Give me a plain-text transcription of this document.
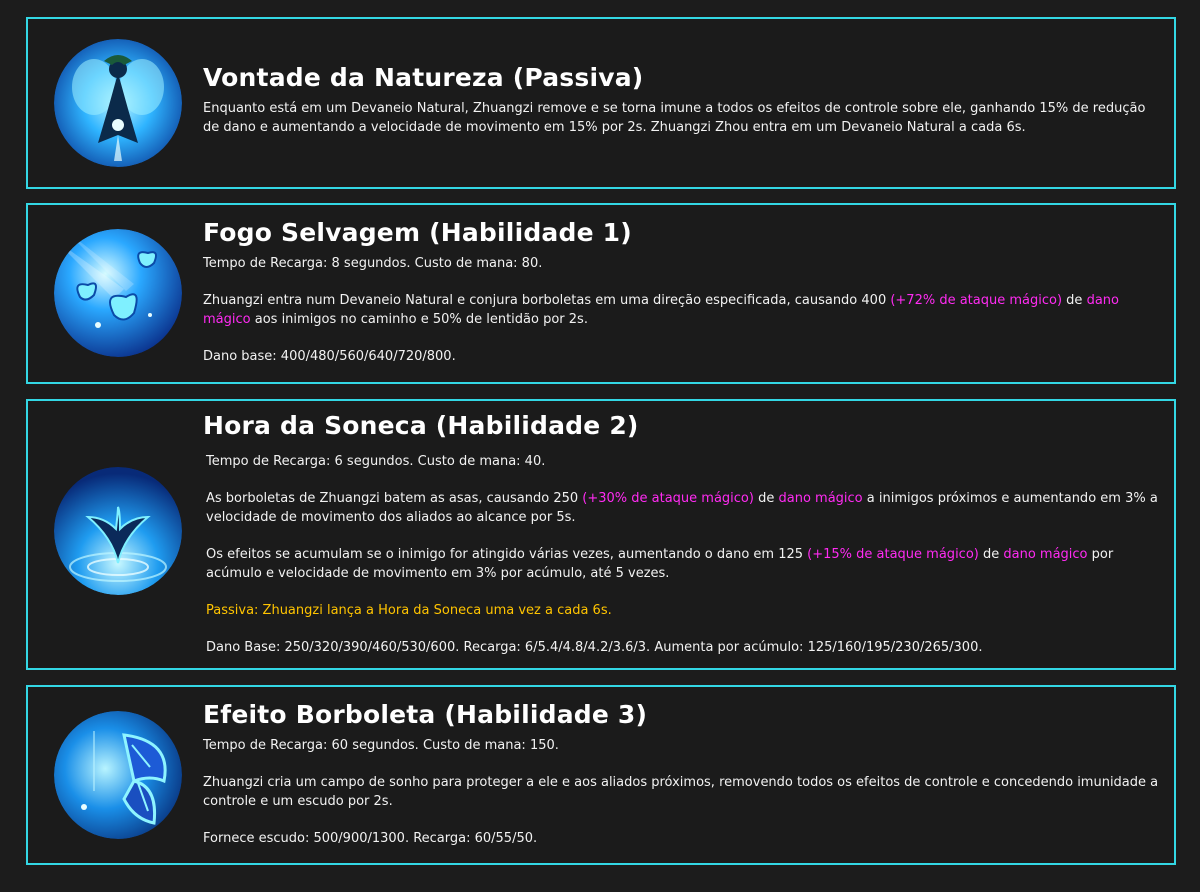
Vontade da Natureza (Passiva)

Enquanto está em um Devaneio Natural, Zhuangzi remove e se torna imune a todos os efeitos de controle sobre ele, ganhando 15% de redução de dano e aumentando a velocidade de movimento em 15% por 2s. Zhuangzi Zhou entra em um Devaneio Natural a cada 6s.

Fogo Selvagem (Habilidade 1)

Tempo de Recarga: 8 segundos. Custo de mana: 80.

Zhuangzi entra num Devaneio Natural e conjura borboletas em uma direção especificada, causando 400 (+72% de ataque mágico) de dano mágico aos inimigos no caminho e 50% de lentidão por 2s.

Dano base: 400/480/560/640/720/800.

Hora da Soneca (Habilidade 2)

Tempo de Recarga: 6 segundos. Custo de mana: 40.

As borboletas de Zhuangzi batem as asas, causando 250 (+30% de ataque mágico) de dano mágico a inimigos próximos e aumentando em 3% a velocidade de movimento dos aliados ao alcance por 5s.

Os efeitos se acumulam se o inimigo for atingido várias vezes, aumentando o dano em 125 (+15% de ataque mágico) de dano mágico por acúmulo e velocidade de movimento em 3% por acúmulo, até 5 vezes.

Passiva: Zhuangzi lança a Hora da Soneca uma vez a cada 6s.

Dano Base: 250/320/390/460/530/600. Recarga: 6/5.4/4.8/4.2/3.6/3. Aumenta por acúmulo: 125/160/195/230/265/300.

Efeito Borboleta (Habilidade 3)

Tempo de Recarga: 60 segundos. Custo de mana: 150.

Zhuangzi cria um campo de sonho para proteger a ele e aos aliados próximos, removendo todos os efeitos de controle e concedendo imunidade a controle e um escudo por 2s.

Fornece escudo: 500/900/1300. Recarga: 60/55/50.
